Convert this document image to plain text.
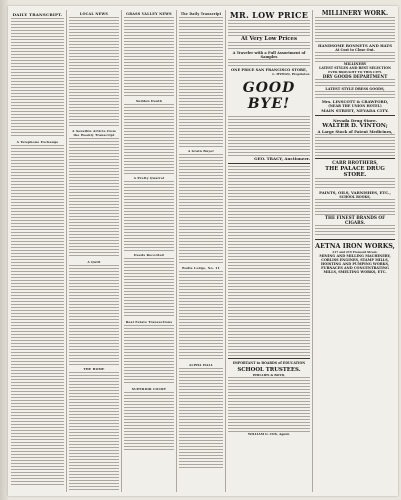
DAILY TRANSCRIPT.
A Telephone Exchange
LOCAL NEWS
A Sensible Article from the Weekly Transcript
A Quilt
THE HOME
GRASS VALLEY NEWS
Sudden Death
A Pretty Quarrel
Deeds Recorded
Real Estate Transactions
SUPERIOR COURT
The Daily Transcript
A Grain Buyer
Bodie Lodge, No. 11
ALPHA HALL
MR. LOW PRICE
At Very Low Prices
A Traveler with a Full Assortment of Samples
ONE PRICE SAN FRANCISCO STORE,
L. HYMAN, Proprietor.
GOOD BYE!
GEO. TRACY, Auctioneer.
IMPORTANT to BOARDS of EDUCATION
SCHOOL TRUSTEES.
PHILLIPS & BOYD,
WILLIAM G. COX, Agent.
MILLINERY WORK.
HANDSOME BONNETS AND HATS
At Cost to Close Out.
MILLINERY
LATEST STYLES AND BEST SELECTION
EVER BROUGHT TO THIS CITY.
DRY GOODS DEPARTMENT
LATEST STYLE DRESS GOODS,
Mrs. LINSCOTT & CRAWFORD,
(NEAR THE UNION HOTEL)
MAIN STREET, NEVADA CITY.
Nevada Drug Store.
WALTER D. VINTON;
A Large Stock of Patent Medicines,
CARR BROTHERS,
THE PALACE DRUG STORE.
PAINTS, OILS, VARNISHES, ETC.,
SCHOOL BOOKS,
THE FINEST BRANDS OF CIGARS.
AETNA IRON WORKS,
217 and 219 Fremont Street.
MINING AND MILLING MACHINERY,
CORLISS ENGINES, STAMP MILLS,
HOISTING AND PUMPING WORKS,
FURNACES AND CONCENTRATING
MILLS, SMELTING WORKS, ETC.
